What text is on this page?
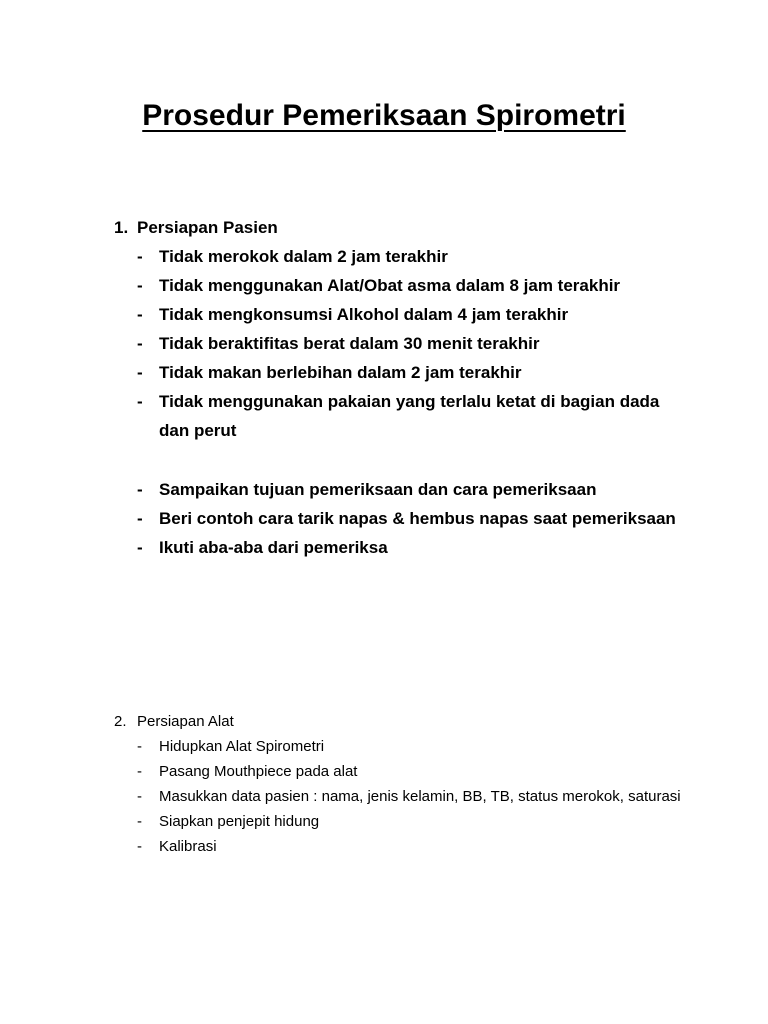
Prosedur Pemeriksaan Spirometri
1. Persiapan Pasien
- Tidak merokok dalam 2 jam terakhir
- Tidak menggunakan Alat/Obat asma dalam 8 jam terakhir
- Tidak mengkonsumsi Alkohol dalam 4 jam terakhir
- Tidak beraktifitas berat dalam 30 menit terakhir
- Tidak makan berlebihan dalam 2 jam terakhir
- Tidak menggunakan pakaian yang terlalu ketat di bagian dada dan perut
- Sampaikan tujuan pemeriksaan dan cara pemeriksaan
- Beri contoh cara tarik napas & hembus napas saat pemeriksaan
- Ikuti aba-aba dari pemeriksa
2. Persiapan Alat
-	Hidupkan Alat Spirometri
-	Pasang Mouthpiece pada alat
-	Masukkan data pasien : nama, jenis kelamin, BB, TB, status merokok, saturasi
-	Siapkan penjepit hidung
-	Kalibrasi
